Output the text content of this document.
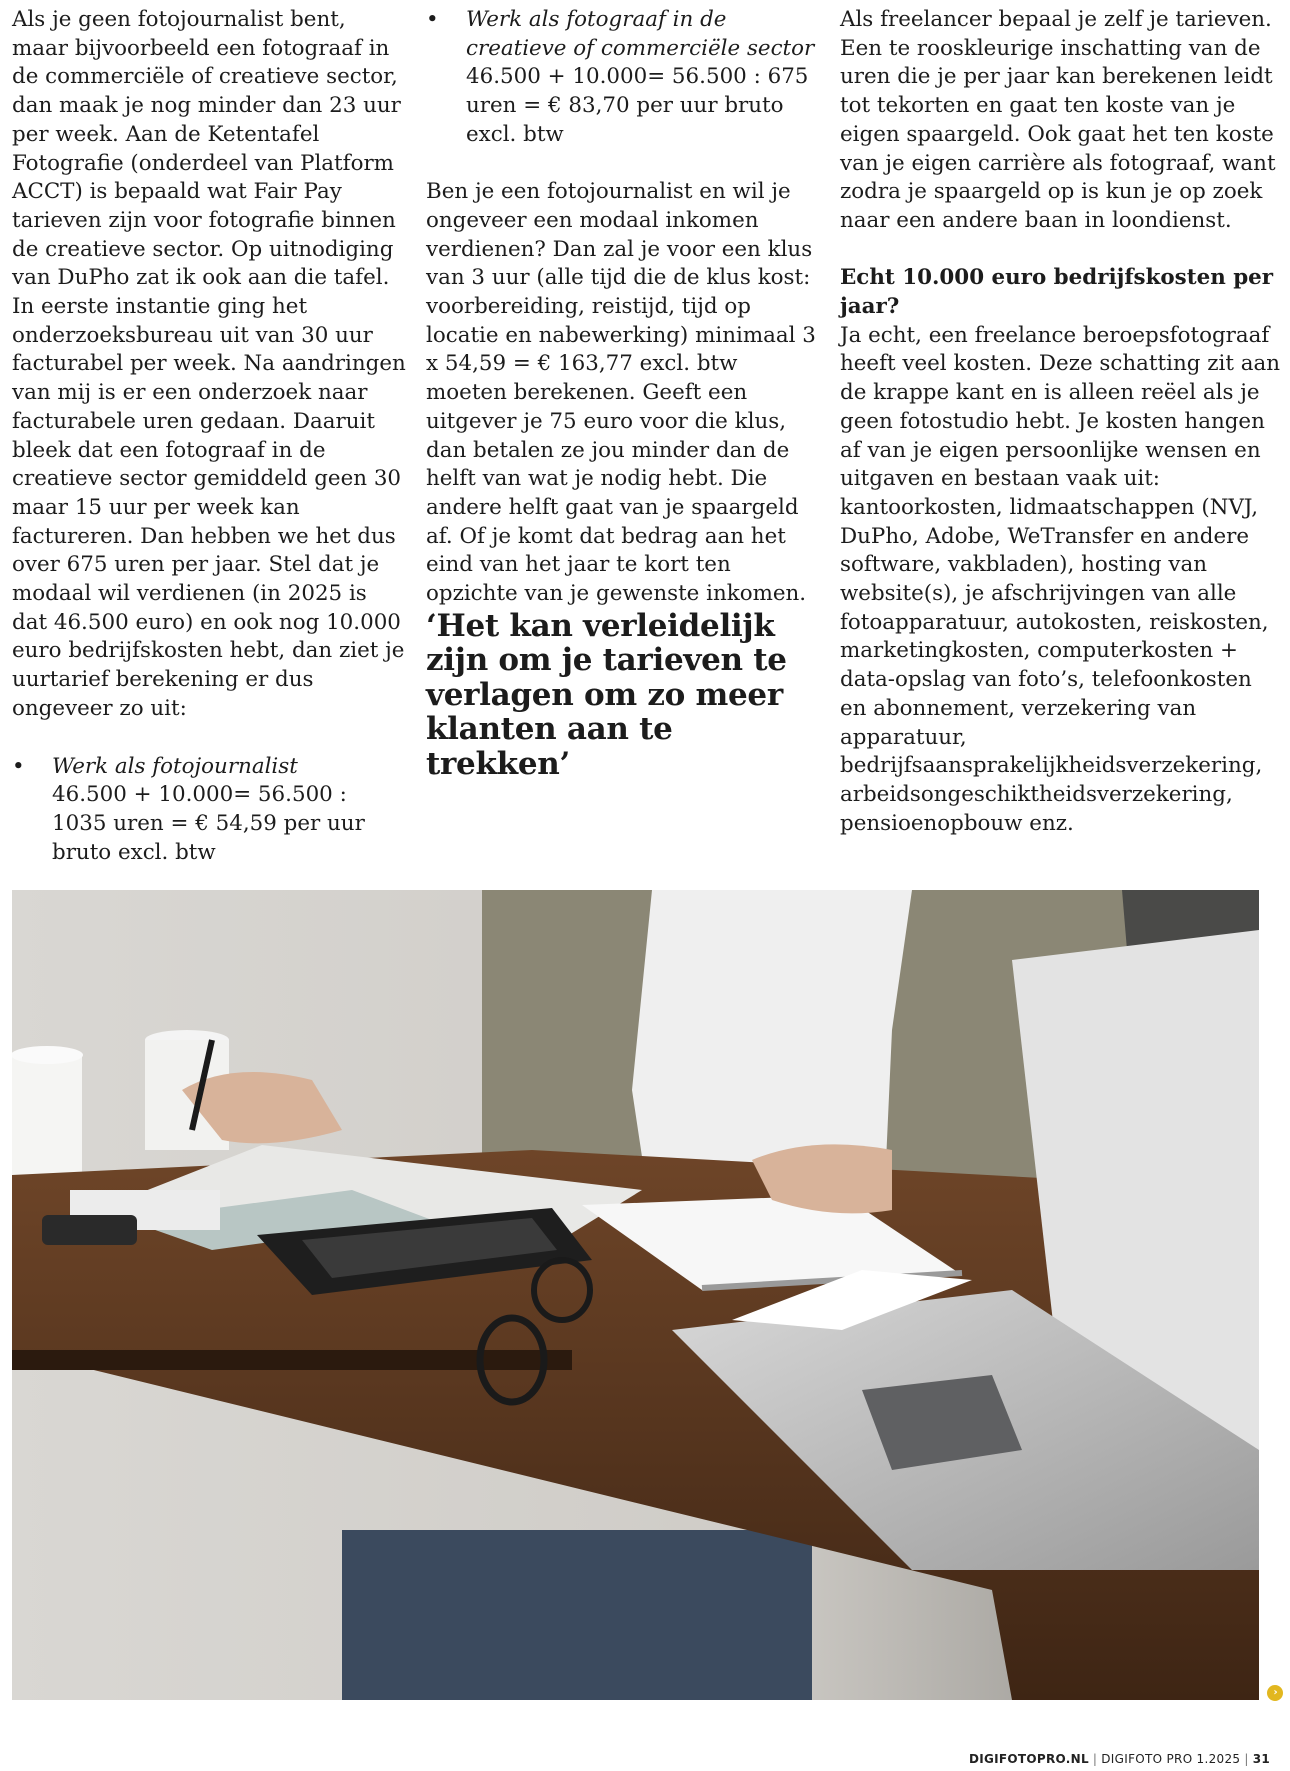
Als je geen fotojournalist bent, maar bijvoorbeeld een fotograaf in de commerciële of creatieve sector, dan maak je nog minder dan 23 uur per week. Aan de Ketentafel Fotografie (onderdeel van Platform ACCT) is bepaald wat Fair Pay tarieven zijn voor fotografie binnen de creatieve sector. Op uitnodiging van DuPho zat ik ook aan die tafel. In eerste instantie ging het onderzoeksbureau uit van 30 uur facturabel per week. Na aandringen van mij is er een onderzoek naar facturabele uren gedaan. Daaruit bleek dat een fotograaf in de creatieve sector gemiddeld geen 30 maar 15 uur per week kan factureren. Dan hebben we het dus over 675 uren per jaar. Stel dat je modaal wil verdienen (in 2025 is dat 46.500 euro) en ook nog 10.000 euro bedrijfskosten hebt, dan ziet je uurtarief berekening er dus ongeveer zo uit:

•	Werk als fotojournalist
46.500 + 10.000= 56.500 : 1035 uren = € 54,59 per uur bruto excl. btw
•	Werk als fotograaf in de creatieve of commerciële sector
46.500 + 10.000= 56.500 : 675 uren = € 83,70 per uur bruto excl. btw

Ben je een fotojournalist en wil je ongeveer een modaal inkomen verdienen? Dan zal je voor een klus van 3 uur (alle tijd die de klus kost: voorbereiding, reistijd, tijd op locatie en nabewerking) minimaal 3 x 54,59 = € 163,77 excl. btw moeten berekenen. Geeft een uitgever je 75 euro voor die klus, dan betalen ze jou minder dan de helft van wat je nodig hebt. Die andere helft gaat van je spaargeld af. Of je komt dat bedrag aan het eind van het jaar te kort ten opzichte van je gewenste inkomen.

‘Het kan verleidelijk zijn om je tarieven te verlagen om zo meer klanten aan te trekken’

Als freelancer bepaal je zelf je tarieven. Een te rooskleurige inschatting van de uren die je per jaar kan berekenen leidt tot tekorten en gaat ten koste van je eigen spaargeld. Ook gaat het ten koste van je eigen carrière als fotograaf, want zodra je spaargeld op is kun je op zoek naar een andere baan in loondienst.

Echt 10.000 euro bedrijfskosten per jaar?

Ja echt, een freelance beroepsfotograaf heeft veel kosten. Deze schatting zit aan de krappe kant en is alleen reëel als je geen fotostudio hebt. Je kosten hangen af van je eigen persoonlijke wensen en uitgaven en bestaan vaak uit: kantoorkosten, lidmaatschappen (NVJ, DuPho, Adobe, WeTransfer en andere software, vakbladen), hosting van website(s), je afschrijvingen van alle fotoapparatuur, autokosten, reiskosten, marketingkosten, computerkosten + data-opslag van foto’s, telefoonkosten en abonnement, verzekering van apparatuur, bedrijfsaansprakelijkheidsverzekering, arbeidsongeschiktheidsverzekering, pensioenopbouw enz.

›
DIGIFOTOPRO.NL | DIGIFOTO PRO 1.2025 | 31
